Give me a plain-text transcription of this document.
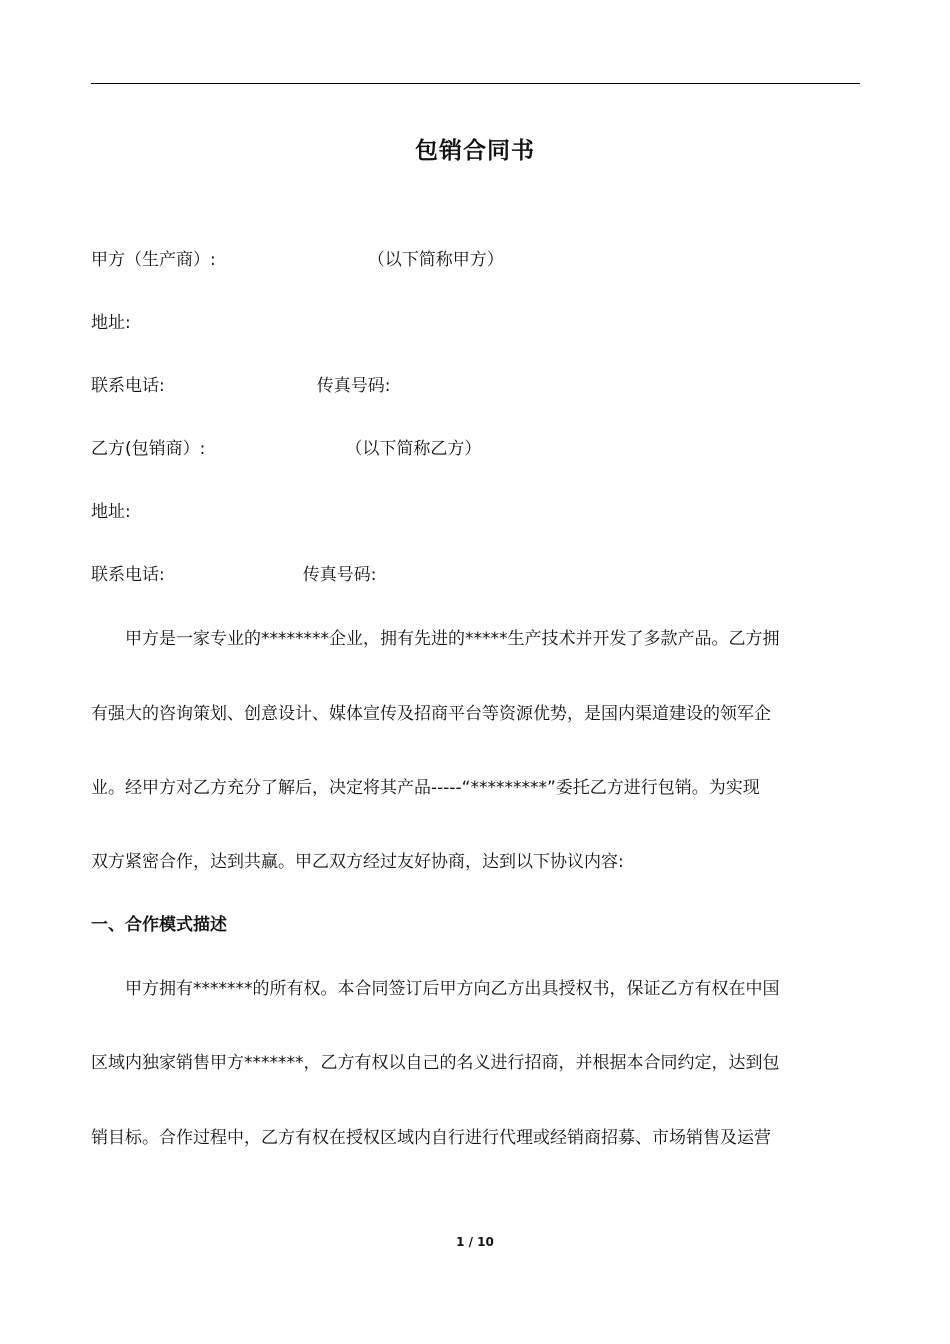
包销合同书
甲方（生产商）:	（以下简称甲方）
地址:
联系电话:	传真号码:
乙方(包销商）:	（以下简称乙方）
地址:
联系电话:	传真号码:
　　甲方是一家专业的********企业，拥有先进的*****生产技术并开发了多款产品。乙方拥
有强大的咨询策划、创意设计、媒体宣传及招商平台等资源优势，是国内渠道建设的领军企
业。经甲方对乙方充分了解后，决定将其产品-----“*********”委托乙方进行包销。为实现
双方紧密合作，达到共赢。甲乙双方经过友好协商，达到以下协议内容:
一、合作模式描述
　　甲方拥有*******的所有权。本合同签订后甲方向乙方出具授权书，保证乙方有权在中国
区域内独家销售甲方*******，乙方有权以自己的名义进行招商，并根据本合同约定，达到包
销目标。合作过程中，乙方有权在授权区域内自行进行代理或经销商招募、市场销售及运营
1 / 10
